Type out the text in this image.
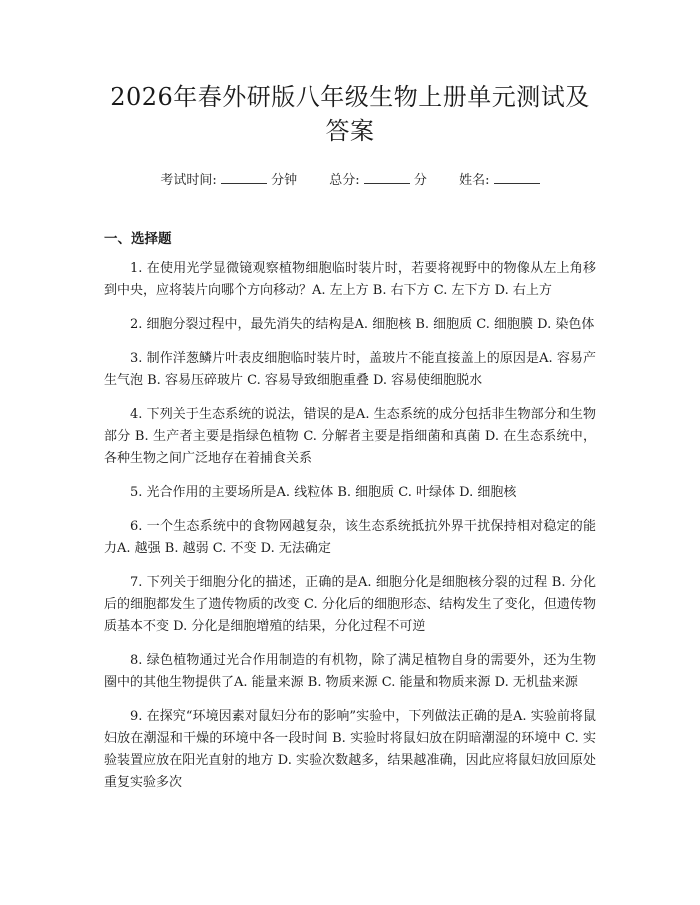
2026年春外研版八年级生物上册单元测试及答案
考试时间:	分钟 总分:	分 姓名:
一、选择题

1. 在使用光学显微镜观察植物细胞临时装片时，若要将视野中的物像从左上角移到中央，应将装片向哪个方向移动？A. 左上方 B. 右下方 C. 左下方 D. 右上方

2. 细胞分裂过程中，最先消失的结构是A. 细胞核 B. 细胞质 C. 细胞膜 D. 染色体

3. 制作洋葱鳞片叶表皮细胞临时装片时，盖玻片不能直接盖上的原因是A. 容易产生气泡 B. 容易压碎玻片 C. 容易导致细胞重叠 D. 容易使细胞脱水

4. 下列关于生态系统的说法，错误的是A. 生态系统的成分包括非生物部分和生物部分 B. 生产者主要是指绿色植物 C. 分解者主要是指细菌和真菌 D. 在生态系统中，各种生物之间广泛地存在着捕食关系

5. 光合作用的主要场所是A. 线粒体 B. 细胞质 C. 叶绿体 D. 细胞核

6. 一个生态系统中的食物网越复杂，该生态系统抵抗外界干扰保持相对稳定的能力A. 越强 B. 越弱 C. 不变 D. 无法确定

7. 下列关于细胞分化的描述，正确的是A. 细胞分化是细胞核分裂的过程 B. 分化后的细胞都发生了遗传物质的改变 C. 分化后的细胞形态、结构发生了变化，但遗传物质基本不变 D. 分化是细胞增殖的结果，分化过程不可逆

8. 绿色植物通过光合作用制造的有机物，除了满足植物自身的需要外，还为生物圈中的其他生物提供了A. 能量来源 B. 物质来源 C. 能量和物质来源 D. 无机盐来源

9. 在探究“环境因素对鼠妇分布的影响”实验中，下列做法正确的是A. 实验前将鼠妇放在潮湿和干燥的环境中各一段时间 B. 实验时将鼠妇放在阴暗潮湿的环境中 C. 实验装置应放在阳光直射的地方 D. 实验次数越多，结果越准确，因此应将鼠妇放回原处重复实验多次
